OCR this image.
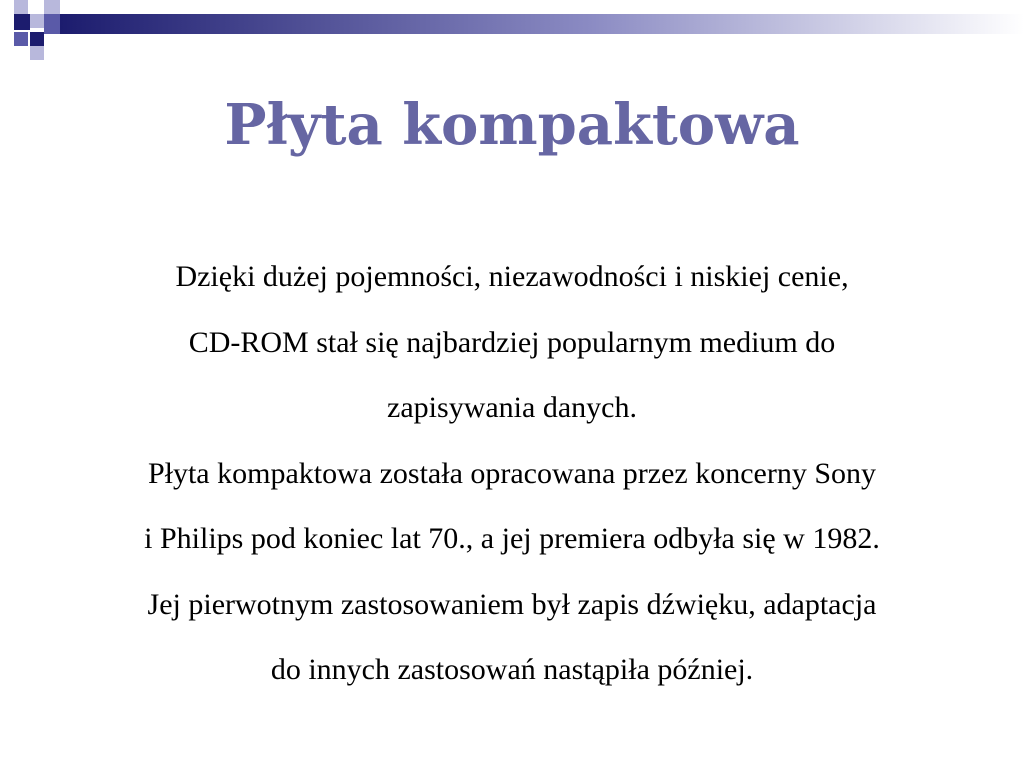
Płyta kompaktowa
Dzięki dużej pojemności, niezawodności i niskiej cenie,
CD-ROM stał się najbardziej popularnym medium do
zapisywania danych.
Płyta kompaktowa została opracowana przez koncerny Sony
i Philips pod koniec lat 70., a jej premiera odbyła się w 1982.
Jej pierwotnym zastosowaniem był zapis dźwięku, adaptacja
do innych zastosowań nastąpiła później.
